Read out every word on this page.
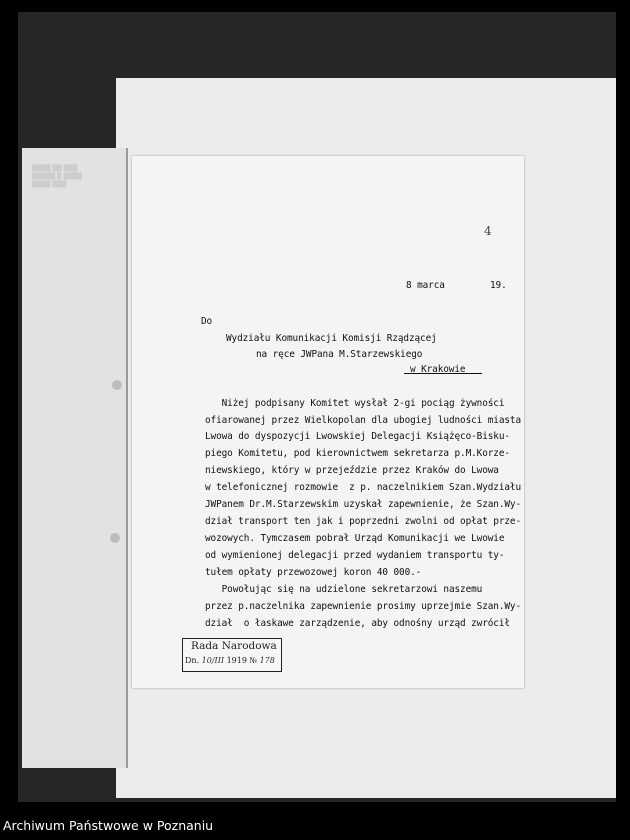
▒▒▒▒ ▒▒ ▒▒▒
▒▒▒▒▒ ▒ ▒▒▒▒
▒▒▒▒ ▒▒▒
4
8 marca	19.
Do
Wydziału Komunikacji Komisji Rządzącej
na ręce JWPana M.Starzewskiego
w Krakowie
Niżej podpisany Komitet wysłał 2-gi pociąg żywności
ofiarowanej przez Wielkopolan dla ubogiej ludności miasta
Lwowa do dyspozycji Lwowskiej Delegacji Książęco-Bisku-
piego Komitetu, pod kierownictwem sekretarza p.M.Korze-
niewskiego, który w przejeździe przez Kraków do Lwowa
w telefonicznej rozmowie  z p. naczelnikiem Szan.Wydziału
JWPanem Dr.M.Starzewskim uzyskał zapewnienie, że Szan.Wy-
dział transport ten jak i poprzedni zwolni od opłat prze-
wozowych. Tymczasem pobrał Urząd Komunikacji we Lwowie
od wymienionej delegacji przed wydaniem transportu ty-
tułem opłaty przewozowej koron 40 000.-
Powołując się na udzielone sekretarzowi naszemu
przez p.naczelnika zapewnienie prosimy uprzejmie Szan.Wy-
dział  o łaskawe zarządzenie, aby odnośny urząd zwrócił
Rada Narodowa
Dn. 10/III 1919 № 178
Archiwum Państwowe w Poznaniu
